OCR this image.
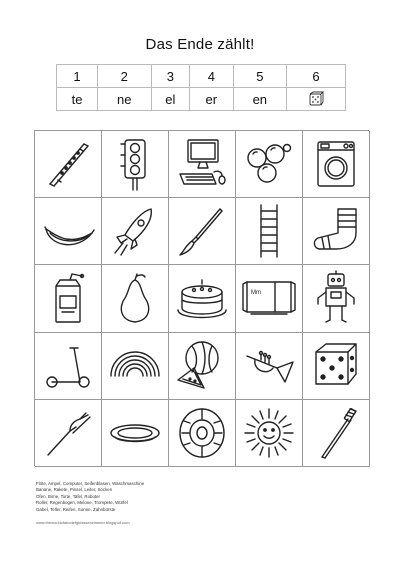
Das Ende zählt!
1	2	3	4	5	6
te	ne	el	er	en	
Mm
Flöte, Ampel, Computer, Seifenblasen, Waschmaschine
Banane, Rakete, Pinsel, Leiter, Socken
Ofen, Birne, Torte, Tafel, Roboter
Roller, Regenbogen, Melone, Trompete, Würfel
Gabel, Teller, Reifen, Sonne, Zahnbürste
www.theworldofabcdefgklassenzimmer.blogspot.com
